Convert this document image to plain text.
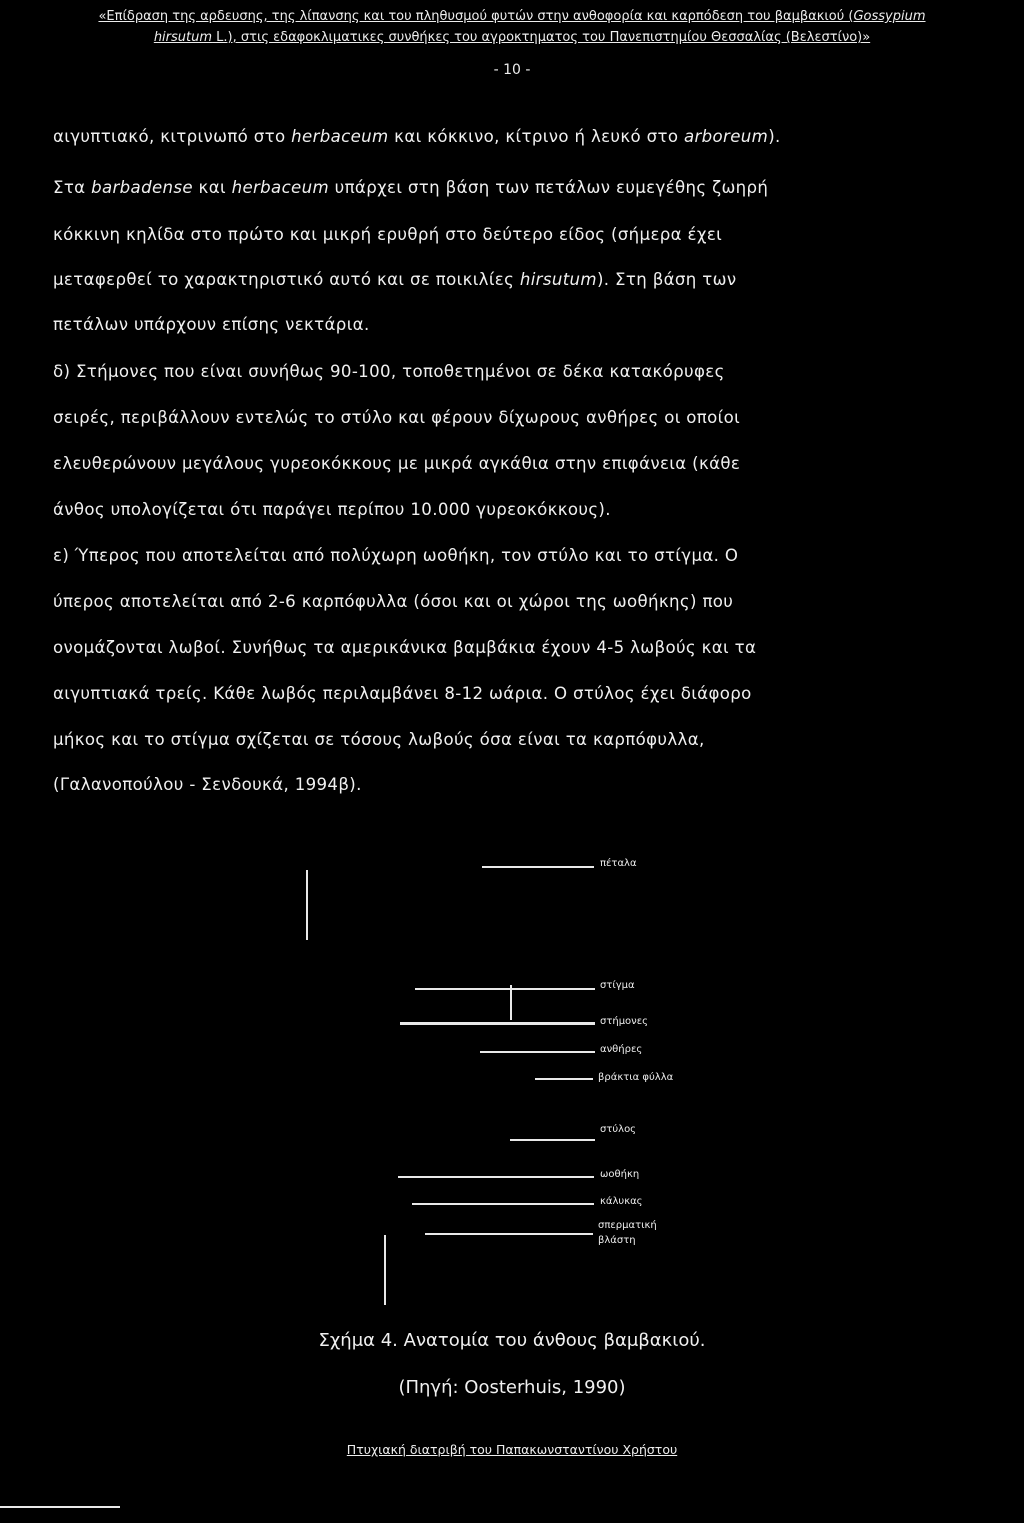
«Επίδραση της αρδευσης, της λίπανσης και του πληθυσμού φυτών στην ανθοφορία και καρπόδεση του βαμβακιού (Gossypium
hirsutum L.), στις εδαφοκλιματικες συνθήκες του αγροκτηματος του Πανεπιστημίου Θεσσαλίας (Βελεστίνο)»
- 10 -
αιγυπτιακό, κιτρινωπό στο herbaceum και κόκκινο, κίτρινο ή λευκό στο arboreum).
Στα barbadense και herbaceum υπάρχει στη βάση των πετάλων ευμεγέθης ζωηρή
κόκκινη κηλίδα στο πρώτο και μικρή ερυθρή στο δεύτερο είδος (σήμερα έχει
μεταφερθεί το χαρακτηριστικό αυτό και σε ποικιλίες hirsutum). Στη βάση των
πετάλων υπάρχουν επίσης νεκτάρια.
δ) Στήμονες που είναι συνήθως 90-100, τοποθετημένοι σε δέκα κατακόρυφες
σειρές, περιβάλλουν εντελώς το στύλο και φέρουν δίχωρους ανθήρες οι οποίοι
ελευθερώνουν μεγάλους γυρεοκόκκους με μικρά αγκάθια στην επιφάνεια (κάθε
άνθος υπολογίζεται ότι παράγει περίπου 10.000 γυρεοκόκκους).
ε) Ύπερος που αποτελείται από πολύχωρη ωοθήκη, τον στύλο και το στίγμα. Ο
ύπερος αποτελείται από 2-6 καρπόφυλλα (όσοι και οι χώροι της ωοθήκης) που
ονομάζονται λωβοί. Συνήθως τα αμερικάνικα βαμβάκια έχουν 4-5 λωβούς και τα
αιγυπτιακά τρείς. Κάθε λωβός περιλαμβάνει 8-12 ωάρια. Ο στύλος έχει διάφορο
μήκος και το στίγμα σχίζεται σε τόσους λωβούς όσα είναι τα καρπόφυλλα,
(Γαλανοπούλου - Σενδουκά, 1994β).
πέταλα
στίγμα
στήμονες
ανθήρες
βράκτια φύλλα
στύλος
ωοθήκη
κάλυκας
σπερματική
βλάστη
Σχήμα 4. Ανατομία του άνθους βαμβακιού.
(Πηγή: Oosterhuis, 1990)
Πτυχιακή διατριβή του Παπακωνσταντίνου Χρήστου
